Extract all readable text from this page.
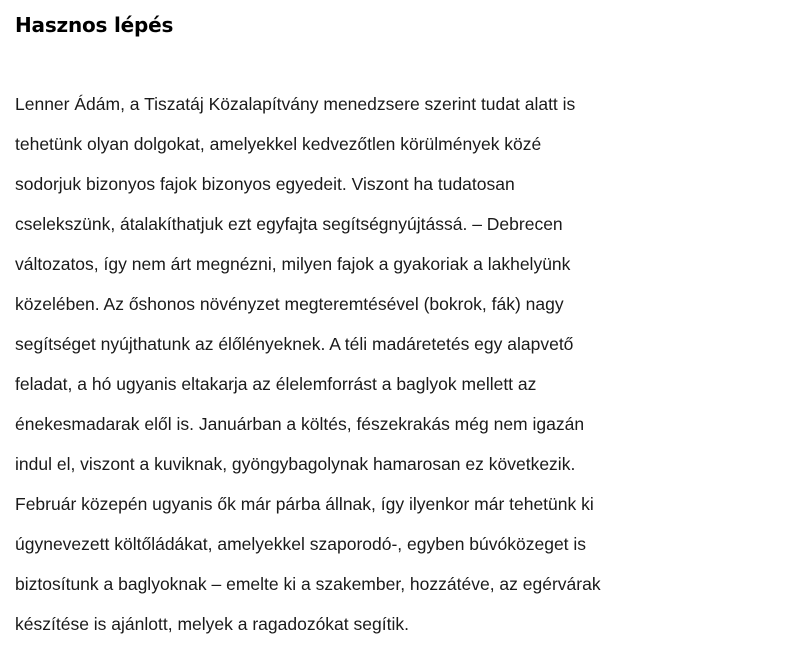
Hasznos lépés
Lenner Ádám, a Tiszatáj Közalapítvány menedzsere szerint tudat alatt is
tehetünk olyan dolgokat, amelyekkel kedvezőtlen körülmények közé
sodorjuk bizonyos fajok bizonyos egyedeit. Viszont ha tudatosan
cselekszünk, átalakíthatjuk ezt egyfajta segítségnyújtássá. – Debrecen
változatos, így nem árt megnézni, milyen fajok a gyakoriak a lakhelyünk
közelében. Az őshonos növényzet megteremtésével (bokrok, fák) nagy
segítséget nyújthatunk az élőlényeknek. A téli madáretetés egy alapvető
feladat, a hó ugyanis eltakarja az élelemforrást a baglyok mellett az
énekesmadarak elől is. Januárban a költés, fészekrakás még nem igazán
indul el, viszont a kuviknak, gyöngybagolynak hamarosan ez következik.
Február közepén ugyanis ők már párba állnak, így ilyenkor már tehetünk ki
úgynevezett költőládákat, amelyekkel szaporodó-, egyben búvóközeget is
biztosítunk a baglyoknak – emelte ki a szakember, hozzátéve, az egérvárak
készítése is ajánlott, melyek a ragadozókat segítik.
